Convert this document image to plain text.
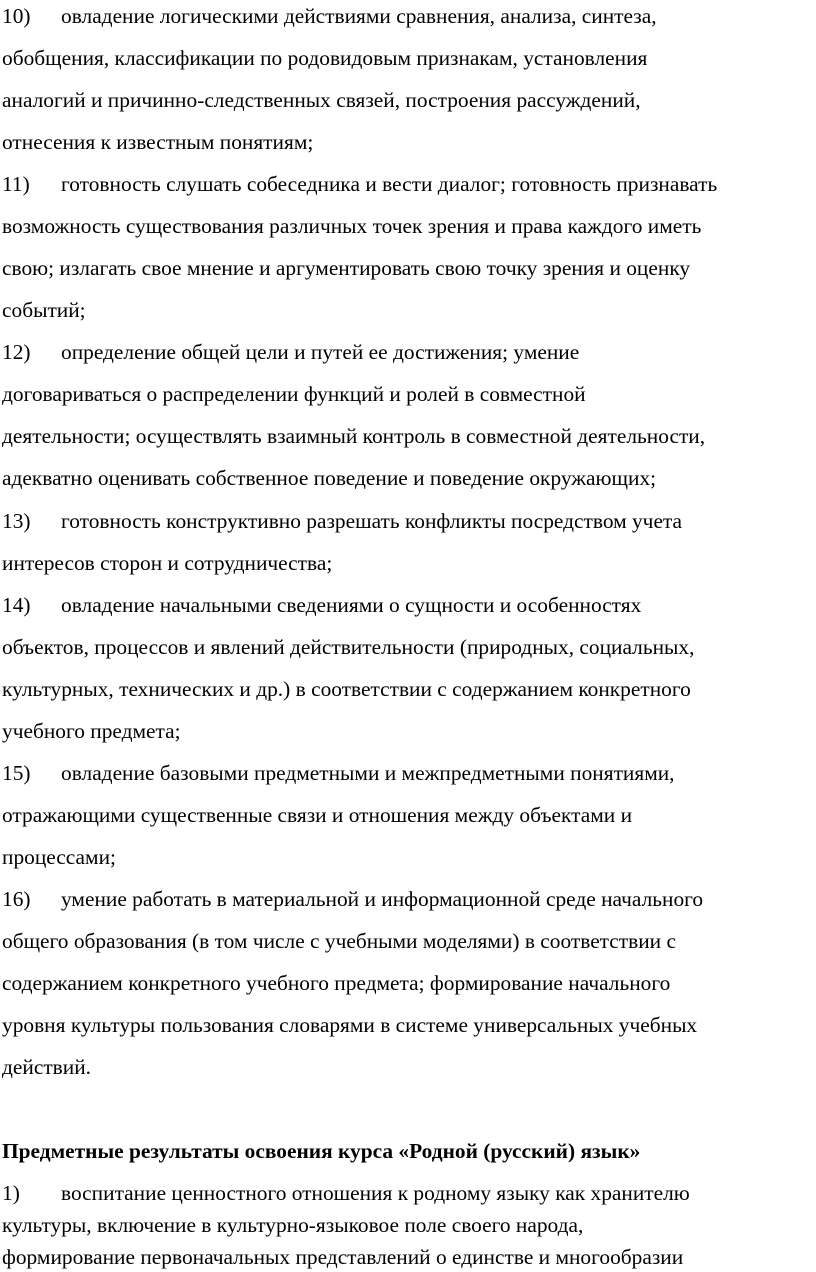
10) овладение логическими действиями сравнения, анализа, синтеза,
обобщения, классификации по родовидовым признакам, установления
аналогий и причинно-следственных связей, построения рассуждений,
отнесения к известным понятиям;
11) готовность слушать собеседника и вести диалог; готовность признавать
возможность существования различных точек зрения и права каждого иметь
свою; излагать свое мнение и аргументировать свою точку зрения и оценку
событий;
12) определение общей цели и путей ее достижения; умение
договариваться о распределении функций и ролей в совместной
деятельности; осуществлять взаимный контроль в совместной деятельности,
адекватно оценивать собственное поведение и поведение окружающих;
13) готовность конструктивно разрешать конфликты посредством учета
интересов сторон и сотрудничества;
14) овладение начальными сведениями о сущности и особенностях
объектов, процессов и явлений действительности (природных, социальных,
культурных, технических и др.) в соответствии с содержанием конкретного
учебного предмета;
15) овладение базовыми предметными и межпредметными понятиями,
отражающими существенные связи и отношения между объектами и
процессами;
16) умение работать в материальной и информационной среде начального
общего образования (в том числе с учебными моделями) в соответствии с
содержанием конкретного учебного предмета; формирование начального
уровня культуры пользования словарями в системе универсальных учебных
действий.
Предметные результаты освоения курса «Родной (русский) язык»
1) воспитание ценностного отношения к родному языку как хранителю
культуры, включение в культурно-языковое поле своего народа,
формирование первоначальных представлений о единстве и многообразии
